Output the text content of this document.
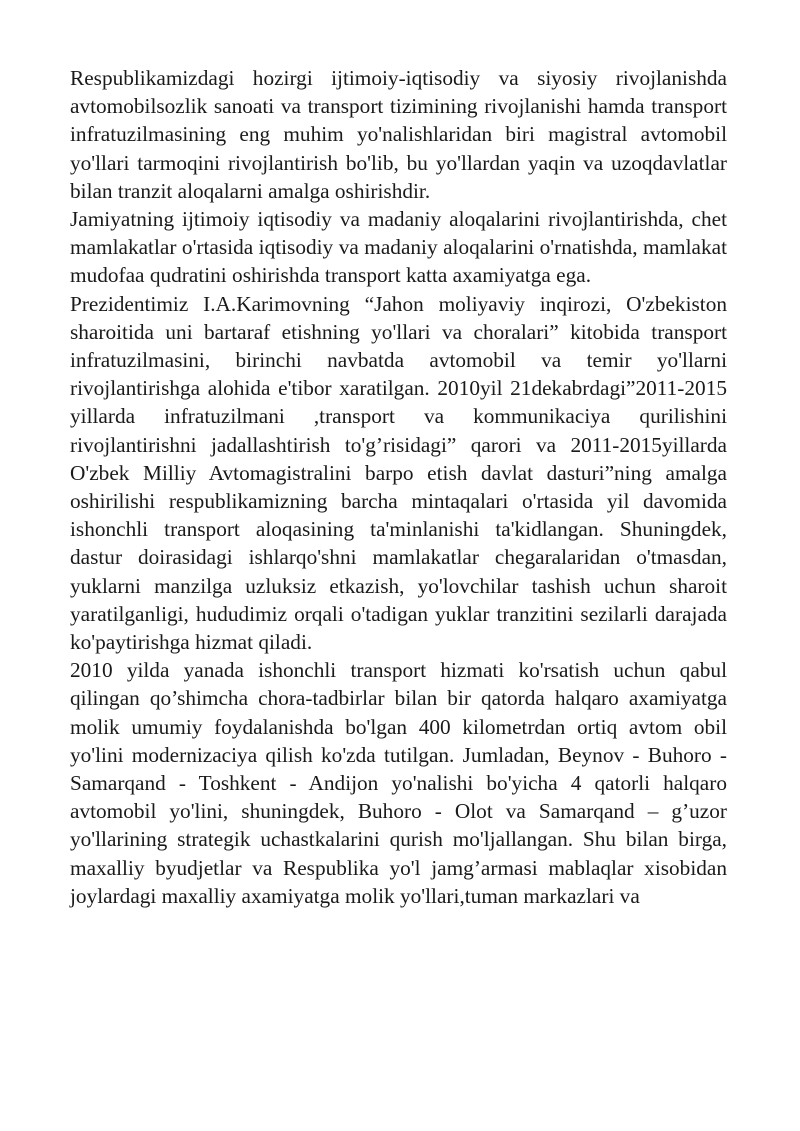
Respublikamizdagi hozirgi ijtimoiy-iqtisodiy va siyosiy rivojlanishda avtomobilsozlik sanoati va transport tizimining rivojlanishi hamda transport infratuzilmasining eng muhim yo'nalishlaridan biri magistral avtomobil yo'llari tarmoqini rivojlantirish bo'lib, bu yo'llardan yaqin va uzoqdavlatlar bilan tranzit aloqalarni amalga oshirishdir.

Jamiyatning ijtimoiy iqtisodiy va madaniy aloqalarini rivojlantirishda, chet mamlakatlar o'rtasida iqtisodiy va madaniy aloqalarini o'rnatishda, mamlakat mudofaa qudratini oshirishda transport katta axamiyatga ega.

Prezidentimiz I.A.Karimovning “Jahon moliyaviy inqirozi, O'zbekiston sharoitida uni bartaraf etishning yo'llari va choralari” kitobida transport infratuzilmasini, birinchi navbatda avtomobil va temir yo'llarni rivojlantirishga alohida e'tibor xaratilgan. 2010yil 21dekabrdagi”2011-2015 yillarda infratuzilmani ,transport va kommunikaciya qurilishini rivojlantirishni jadallashtirish to'g’risidagi” qarori va 2011-2015yillarda O'zbek Milliy Avtomagistralini barpo etish davlat dasturi”ning amalga oshirilishi respublikamizning barcha mintaqalari o'rtasida yil davomida ishonchli transport aloqasining ta'minlanishi ta'kidlangan. Shuningdek, dastur doirasidagi ishlarqo'shni mamlakatlar chegaralaridan o'tmasdan, yuklarni manzilga uzluksiz etkazish, yo'lovchilar tashish uchun sharoit yaratilganligi, hududimiz orqali o'tadigan yuklar tranzitini sezilarli darajada ko'paytirishga hizmat qiladi.

2010 yilda yanada ishonchli transport hizmati ko'rsatish uchun qabul qilingan qo’shimcha chora-tadbirlar bilan bir qatorda halqaro axamiyatga molik umumiy foydalanishda bo'lgan 400 kilometrdan ortiq avtom obil yo'lini modernizaciya qilish ko'zda tutilgan. Jumladan, Beynov - Buhoro - Samarqand - Toshkent - Andijon yo'nalishi bo'yicha 4 qatorli halqaro avtomobil yo'lini, shuningdek, Buhoro - Olot va Samarqand – g’uzor yo'llarining strategik uchastkalarini qurish mo'ljallangan. Shu bilan birga, maxalliy byudjetlar va Respublika yo'l jamg’armasi mablaqlar xisobidan joylardagi maxalliy axamiyatga molik yo'llari,tuman markazlari va
